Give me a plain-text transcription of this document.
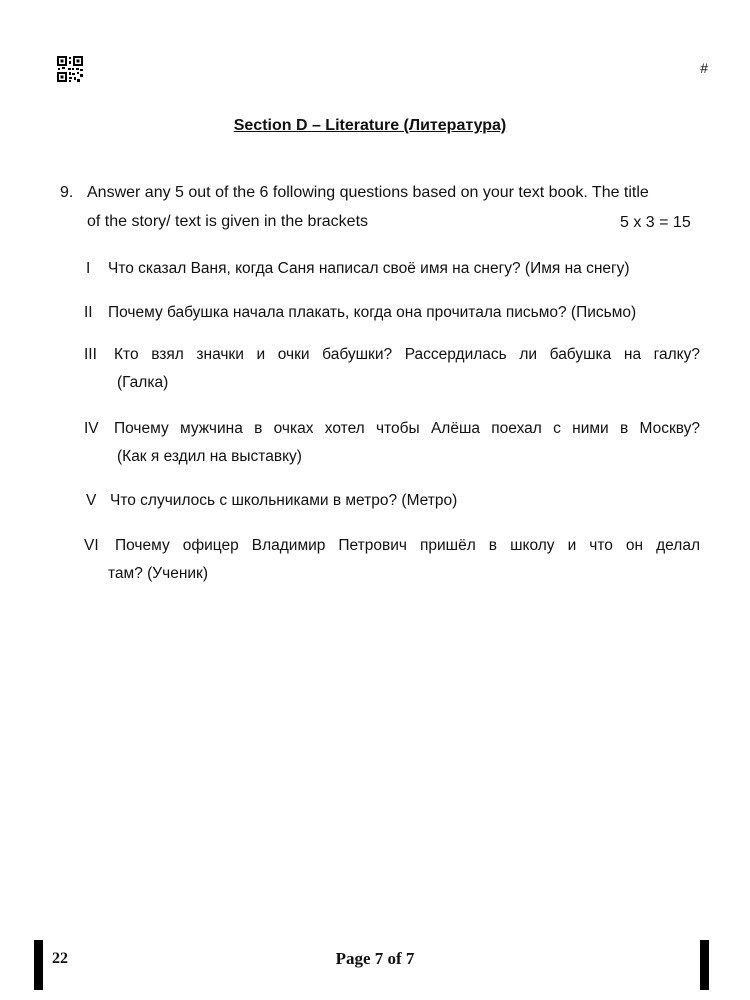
#
Section D – Literature (Литература)
9. Answer any 5 out of the 6 following questions based on your text book. The title
of the story/ text is given in the brackets	5 x 3 = 15
I Что сказал Ваня, когда Саня написал своё имя на снегу? (Имя на снегу)
II Почему бабушка начала плакать, когда она прочитала письмо? (Письмо)
III Кто взял значки и очки бабушки? Рассердилась ли бабушка на галку?
(Галка)
IV Почему мужчина в очках хотел чтобы Алёша поехал с ними в Москву?
(Как я ездил на выставку)
V Что случилось с школьниками в метро? (Метро)
VI Почему офицер Владимир Петрович пришёл в школу и что он делал
там? (Ученик)
22	Page 7 of 7
